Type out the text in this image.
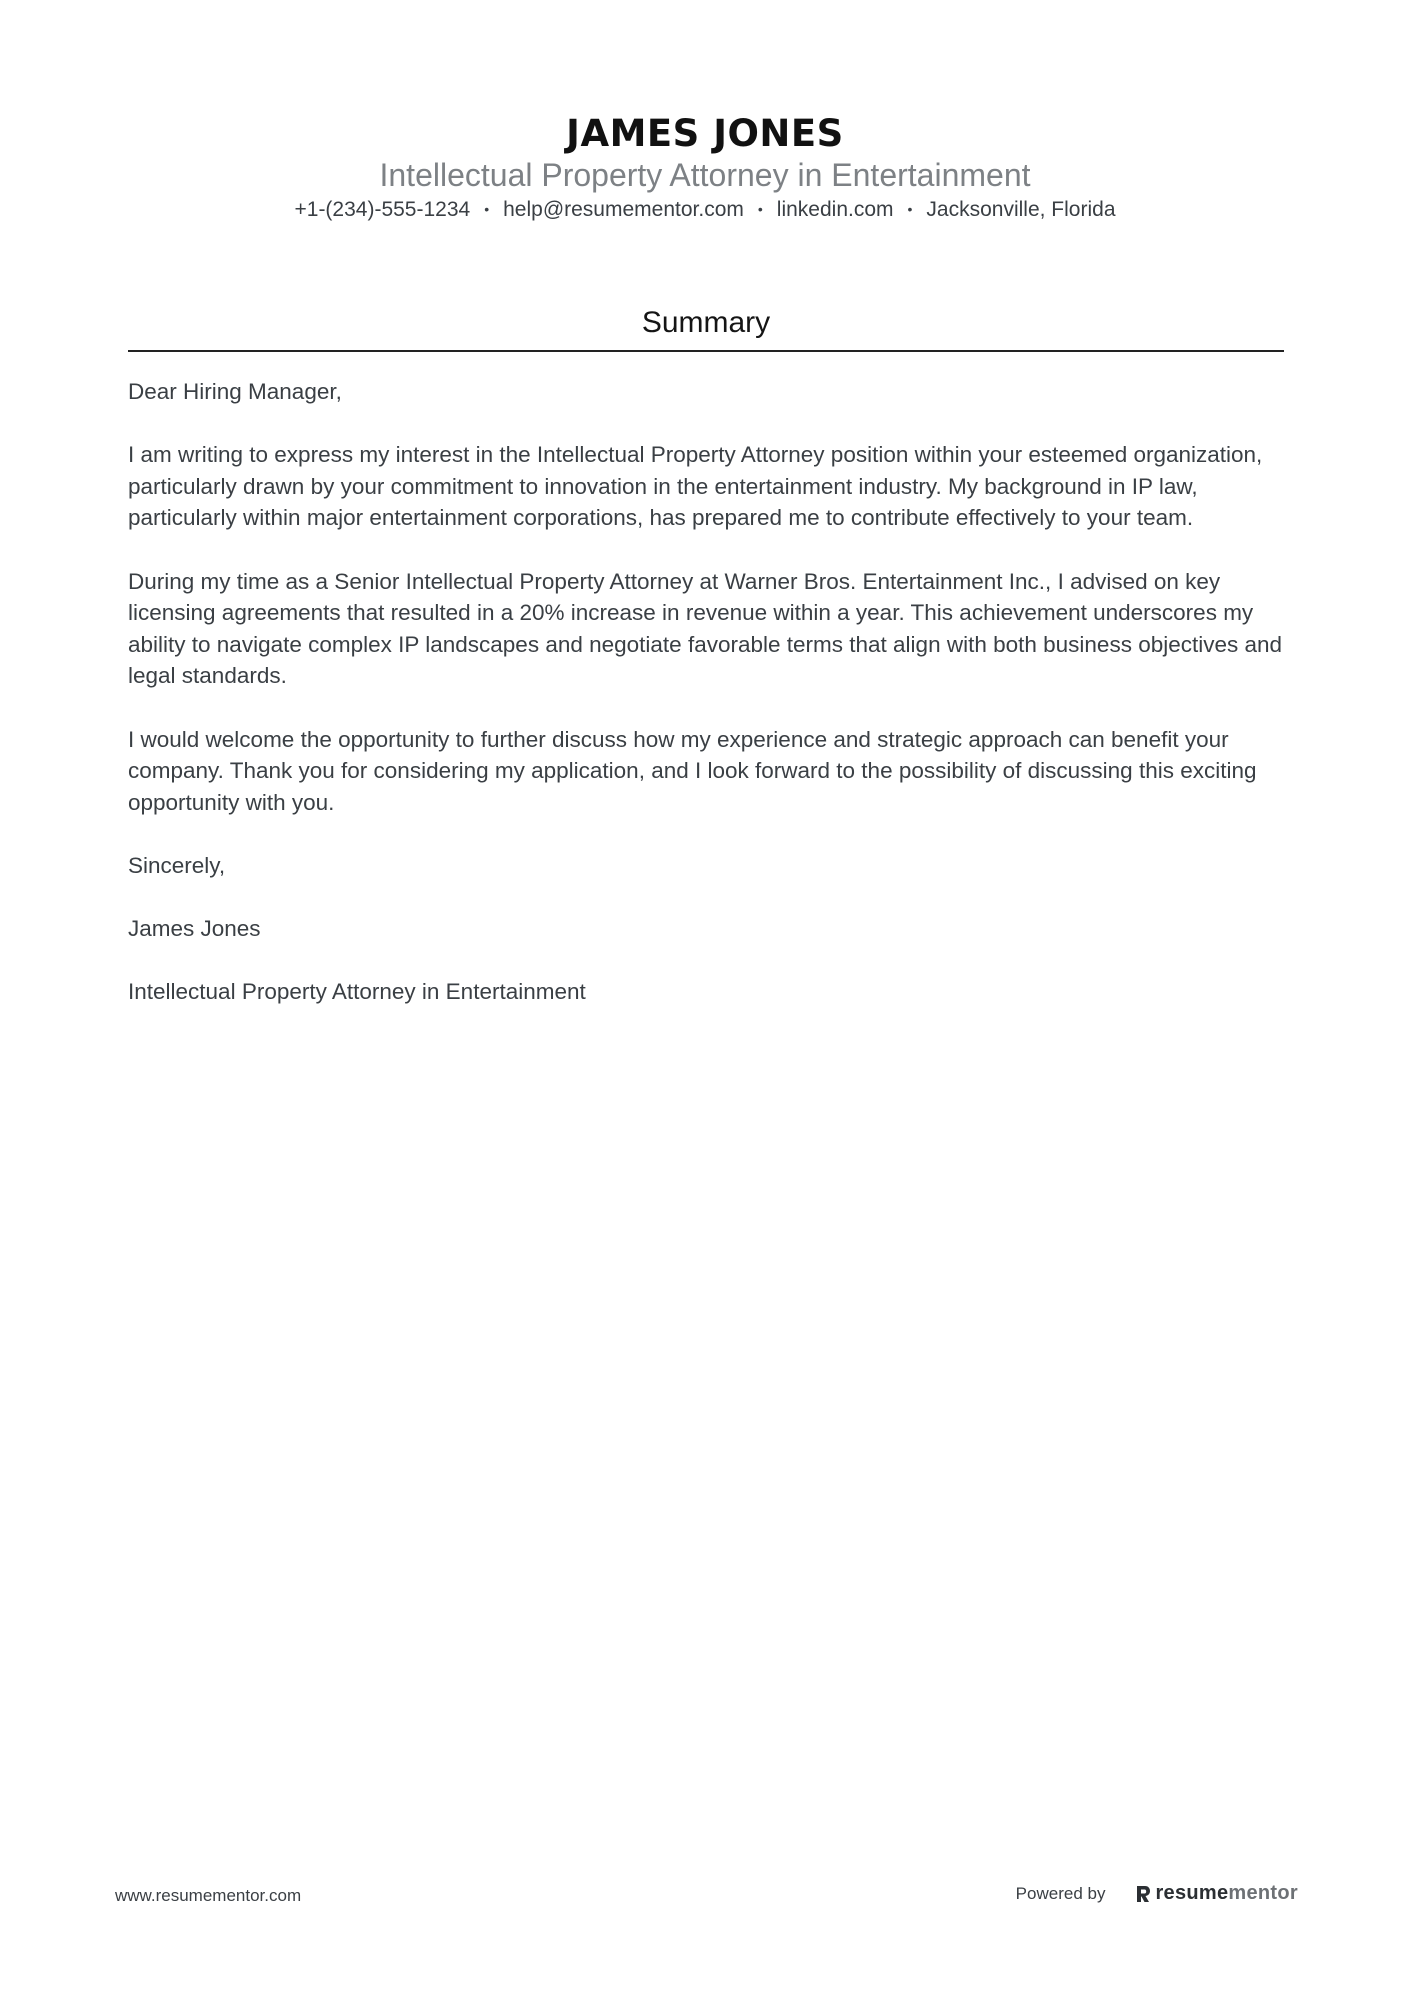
JAMES JONES
Intellectual Property Attorney in Entertainment
+1-(234)-555-1234 • help@resumementor.com • linkedin.com • Jacksonville, Florida
Summary

Dear Hiring Manager,

I am writing to express my interest in the Intellectual Property Attorney position within your esteemed organization, particularly drawn by your commitment to innovation in the entertainment industry. My background in IP law, particularly within major entertainment corporations, has prepared me to contribute effectively to your team.

During my time as a Senior Intellectual Property Attorney at Warner Bros. Entertainment Inc., I advised on key licensing agreements that resulted in a 20% increase in revenue within a year. This achievement underscores my ability to navigate complex IP landscapes and negotiate favorable terms that align with both business objectives and legal standards.

I would welcome the opportunity to further discuss how my experience and strategic approach can benefit your company. Thank you for considering my application, and I look forward to the possibility of discussing this exciting opportunity with you.

Sincerely,

James Jones

Intellectual Property Attorney in Entertainment

www.resumementor.com	Powered by	resume mentor
